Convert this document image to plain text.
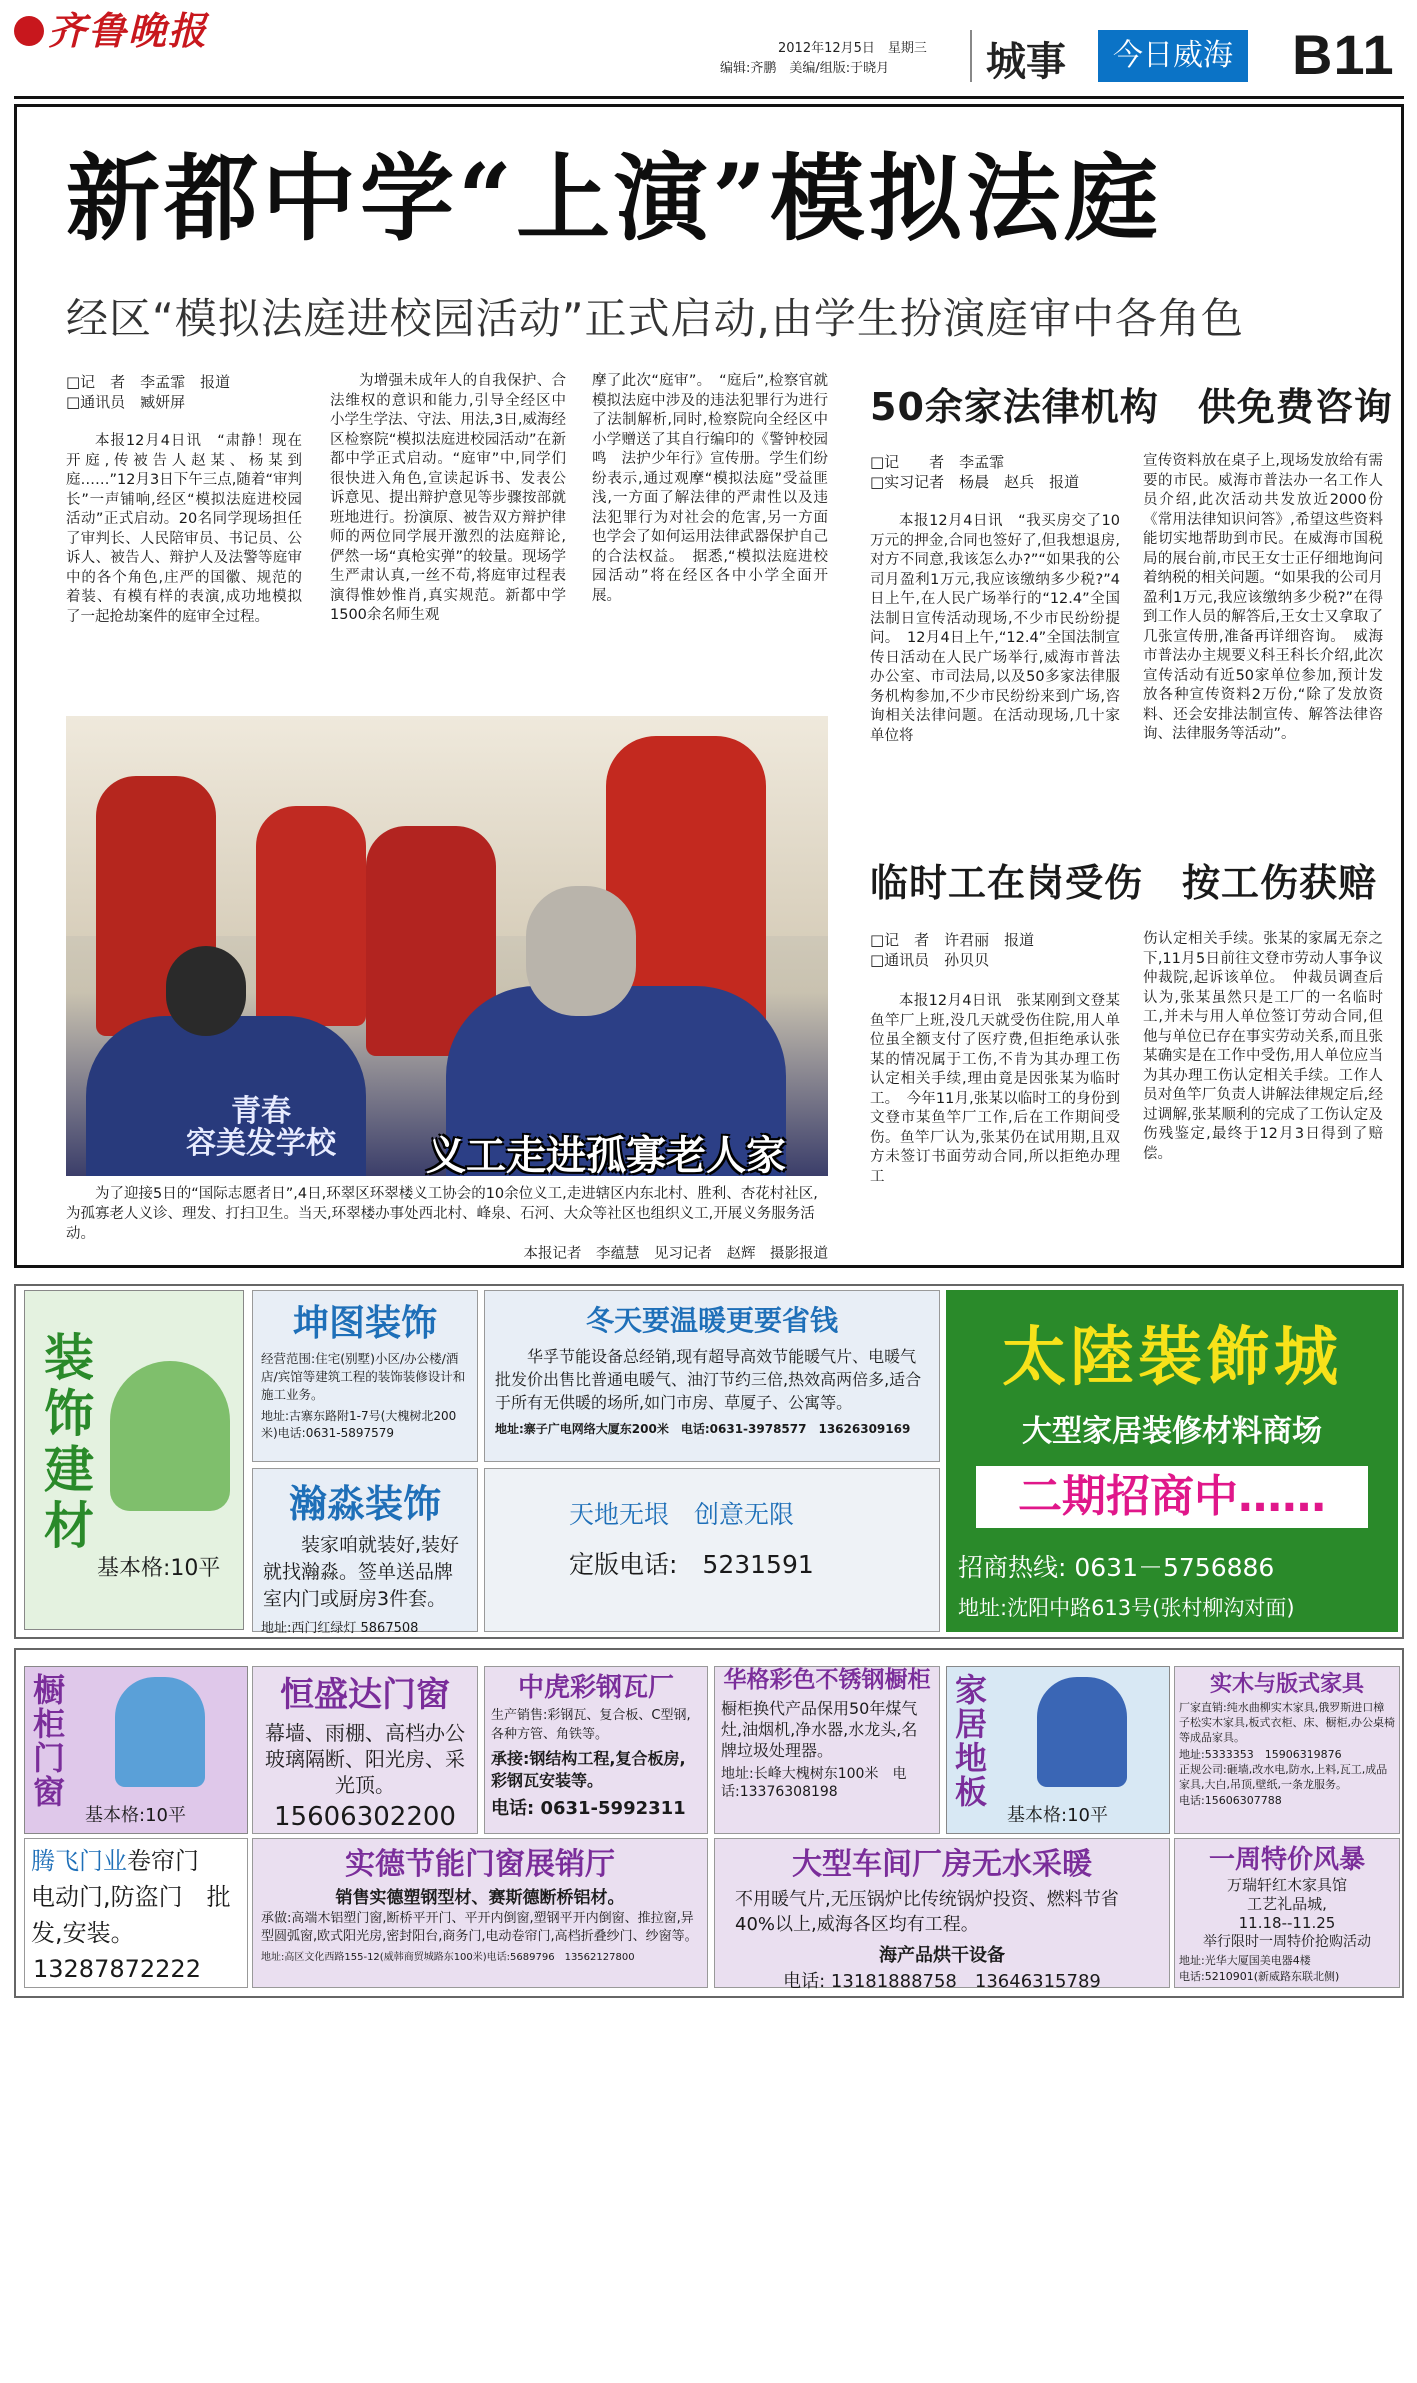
齐鲁晚报	2012年12月5日　 星期三
编辑:齐鹏　美编/组版:于晓月 城事	今日威海 B11
新都中学“上演”模拟法庭
经区“模拟法庭进校园活动”正式启动,由学生扮演庭审中各角色
□记　者　李孟霏　报道
□通讯员　臧妍屏
本报12月4日讯　“肃静！现在开庭,传被告人赵某、杨某到庭……”12月3日下午三点,随着“审判长”一声铺响,经区“模拟法庭进校园活动”正式启动。20名同学现场担任了审判长、人民陪审员、书记员、公诉人、被告人、辩护人及法警等庭审中的各个角色,庄严的国徽、规范的着装、有模有样的表演,成功地模拟了一起抢劫案件的庭审全过程。
为增强未成年人的自我保护、合法维权的意识和能力,引导全经区中小学生学法、守法、用法,3日,威海经区检察院“模拟法庭进校园活动”在新都中学正式启动。“庭审”中,同学们很快进入角色,宣读起诉书、发表公诉意见、提出辩护意见等步骤按部就班地进行。扮演原、被告双方辩护律师的两位同学展开激烈的法庭辩论,俨然一场“真枪实弹”的较量。现场学生严肃认真,一丝不苟,将庭审过程表演得惟妙惟肖,真实规范。新都中学1500余名师生观
摩了此次“庭审”。　“庭后”,检察官就模拟法庭中涉及的违法犯罪行为进行了法制解析,同时,检察院向全经区中小学赠送了其自行编印的《警钟校园鸣　法护少年行》宣传册。学生们纷纷表示,通过观摩“模拟法庭”受益匪浅,一方面了解法律的严肃性以及违法犯罪行为对社会的危害,另一方面也学会了如何运用法律武器保护自己的合法权益。　据悉,“模拟法庭进校园活动”将在经区各中小学全面开展。
青春
容美发学校 义工走进孤寡老人家
为了迎接5日的“国际志愿者日”,4日,环翠区环翠楼义工协会的10余位义工,走进辖区内东北村、胜利、杏花村社区,为孤寡老人义诊、理发、打扫卫生。当天,环翠楼办事处西北村、峰泉、石河、大众等社区也组织义工,开展义务服务活动。
本报记者　李蕴慧　见习记者　赵辉　摄影报道
50余家法律机构　供免费咨询
□记　　者　李孟霏
□实习记者　杨晨　赵兵　报道
本报12月4日讯　“我买房交了10万元的押金,合同也签好了,但我想退房,对方不同意,我该怎么办?”“如果我的公司月盈利1万元,我应该缴纳多少税?”4日上午,在人民广场举行的“12.4”全国法制日宣传活动现场,不少市民纷纷提问。　12月4日上午,“12.4”全国法制宣传日活动在人民广场举行,威海市普法办公室、市司法局,以及50多家法律服务机构参加,不少市民纷纷来到广场,咨询相关法律问题。在活动现场,几十家单位将
宣传资料放在桌子上,现场发放给有需要的市民。威海市普法办一名工作人员介绍,此次活动共发放近2000份《常用法律知识问答》,希望这些资料能切实地帮助到市民。在威海市国税局的展台前,市民王女士正仔细地询问着纳税的相关问题。“如果我的公司月盈利1万元,我应该缴纳多少税?”在得到工作人员的解答后,王女士又拿取了几张宣传册,准备再详细咨询。　威海市普法办主规要义科王科长介绍,此次宣传活动有近50家单位参加,预计发放各种宣传资料2万份,“除了发放资料、还会安排法制宣传、解答法律咨询、法律服务等活动”。
临时工在岗受伤　按工伤获赔
□记　者　许君丽　报道
□通讯员　孙贝贝
本报12月4日讯　张某刚到文登某鱼竿厂上班,没几天就受伤住院,用人单位虽全额支付了医疗费,但拒绝承认张某的情况属于工伤,不肯为其办理工伤认定相关手续,理由竟是因张某为临时工。　今年11月,张某以临时工的身份到文登市某鱼竿厂工作,后在工作期间受伤。鱼竿厂认为,张某仍在试用期,且双方未签订书面劳动合同,所以拒绝办理工
伤认定相关手续。张某的家属无奈之下,11月5日前往文登市劳动人事争议仲裁院,起诉该单位。　仲裁员调查后认为,张某虽然只是工厂的一名临时工,并未与用人单位签订劳动合同,但他与单位已存在事实劳动关系,而且张某确实是在工作中受伤,用人单位应当为其办理工伤认定相关手续。工作人员对鱼竿厂负责人讲解法律规定后,经过调解,张某顺利的完成了工伤认定及伤残鉴定,最终于12月3日得到了赔偿。
装饰建材
基本格:10平
坤图装饰
经营范围:住宅(别墅)小区/办公楼/酒店/宾馆等建筑工程的装饰装修设计和施工业务。
地址:古寨东路附1-7号(大槐树北200米)电话:0631-5897579
瀚淼装饰
装家咱就装好,装好就找瀚淼。签单送品牌室内门或厨房3件套。
地址:西门红绿灯 5867508
冬天要温暖更要省钱
华孚节能设备总经销,现有超导高效节能暖气片、电暖气批发价出售比普通电暖气、油汀节约三倍,热效高两倍多,适合于所有无供暖的场所,如门市房、草厦子、公寓等。
地址:寨子广电网络大厦东200米　电话:0631-3978577　13626309169
天地无垠　创意无限
定版电话:　5231591
太陸裝飾城
大型家居装修材料商场
二期招商中……
招商热线: 0631－5756886
地址:沈阳中路613号(张村柳沟对面)
橱柜门窗
基本格:10平
恒盛达门窗
幕墙、雨棚、高档办公玻璃隔断、阳光房、采光顶。
15606302200
中虎彩钢瓦厂
生产销售:彩钢瓦、复合板、C型钢,各种方管、角铁等。
承接:钢结构工程,复合板房,彩钢瓦安装等。
电话: 0631-5992311
华格彩色不锈钢橱柜
橱柜换代产品保用50年煤气灶,油烟机,净水器,水龙头,名牌垃圾处理器。
地址:长峰大槐树东100米　电话:13376308198	家居地板
基本格:10平
实木与版式家具
厂家直销:纯水曲柳实木家具,俄罗斯进口樟子松实木家具,板式衣柜、床、橱柜,办公桌椅等成品家具。
地址:5333353　15906319876
正规公司:砸墙,改水电,防水,上料,瓦工,成品家具,大白,吊顶,壁纸,一条龙服务。
电话:15606307788
腾飞门业卷帘门　电动门,防盗门　批发,安装。
13287872222
实德节能门窗展销厅
销售实德塑钢型材、赛斯德断桥铝材。
承做:高端木铝塑门窗,断桥平开门、平开内倒窗,塑钢平开内倒窗、推拉窗,异型圆弧窗,欧式阳光房,密封阳台,商务门,电动卷帘门,高档折叠纱门、纱窗等。
地址:高区文化西路155-12(威韩商贸城路东100米)电话:5689796　13562127800
大型车间厂房无水采暖
不用暖气片,无压锅炉比传统锅炉投资、燃料节省40%以上,威海各区均有工程。
海产品烘干设备
电话: 13181888758　13646315789
一周特价风暴
万瑞轩红木家具馆
工艺礼品城,
11.18--11.25
举行限时一周特价抢购活动
地址:光华大厦国美电器4楼
电话:5210901(新威路东联北侧)
